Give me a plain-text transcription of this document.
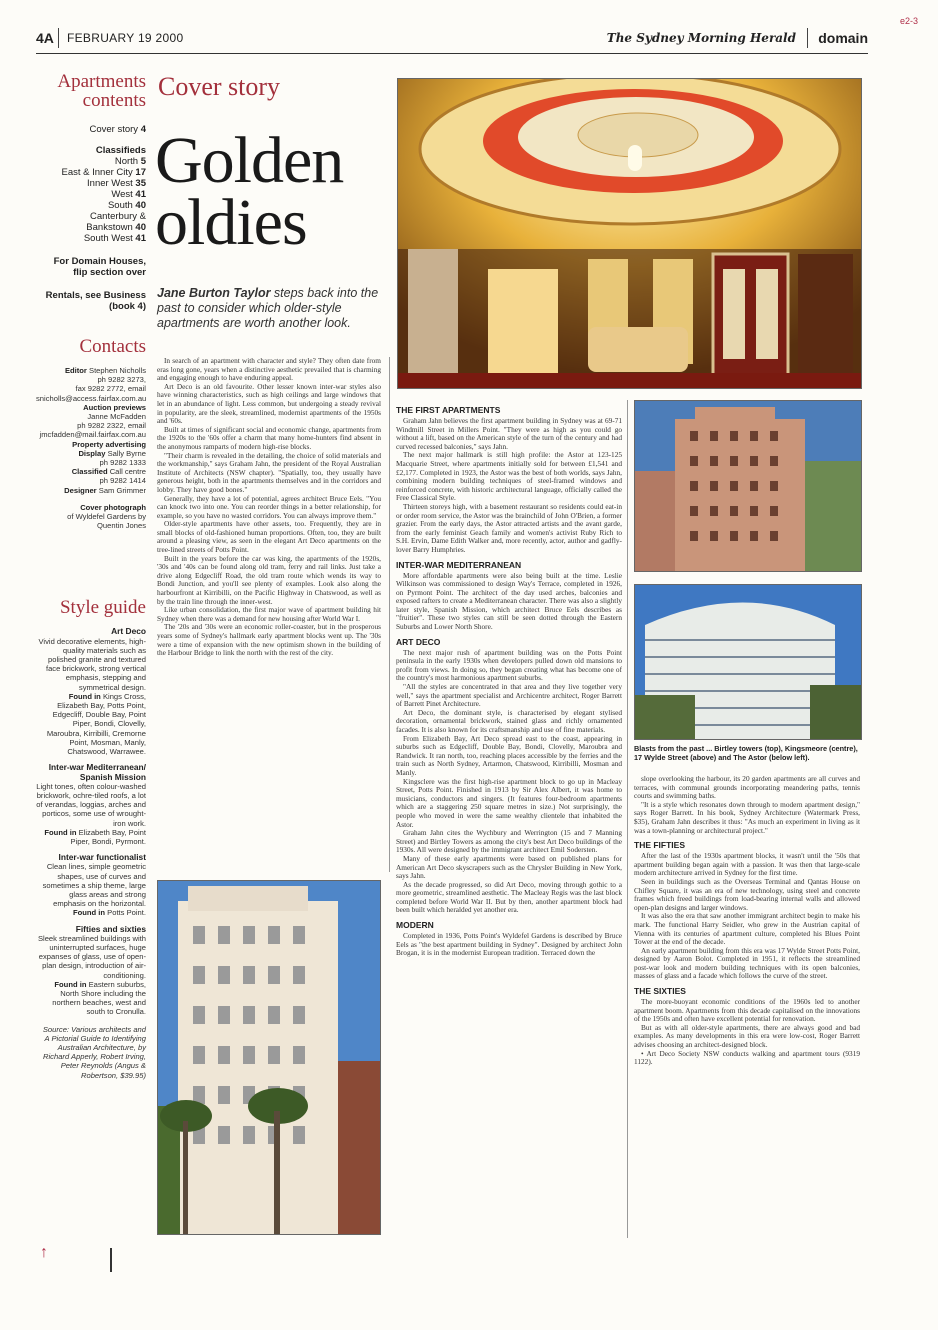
4A FEBRUARY 19 2000	The Sydney Morning Herald domain
e2-3
Apartments
contents
Cover story 4
Classifieds

North 5
East & Inner City 17
Inner West 35
West 41
South 40
Canterbury &
Bankstown 40
South West 41
For Domain Houses,
flip section over
Rentals, see Business
(book 4)
Contacts
Editor Stephen Nicholls
ph 9282 3273,
fax 9282 2772, email
snicholls@access.fairfax.com.au
Auction previews
Janne McFadden
ph 9282 2322, email
jmcfadden@mail.fairfax.com.au
Property advertising
Display Sally Byrne
ph 9282 1333
Classified Call centre
ph 9282 1414
Designer Sam Grimmer
Cover photograph
of Wyldefel Gardens by
Quentin Jones
Style guide
Art Deco
Vivid decorative elements, high-quality materials such as polished granite and textured face brickwork, strong vertical emphasis, stepping and symmetrical design.
Found in Kings Cross, Elizabeth Bay, Potts Point, Edgecliff, Double Bay, Point Piper, Bondi, Clovelly, Maroubra, Kirribilli, Cremorne Point, Mosman, Manly, Chatswood, Warrawee.
Inter-war Mediterranean/ Spanish Mission
Light tones, often colour-washed brickwork, ochre-tiled roofs, a lot of verandas, loggias, arches and porticos, some use of wrought-iron work.
Found in Elizabeth Bay, Point Piper, Bondi, Pyrmont.
Inter-war functionalist
Clean lines, simple geometric shapes, use of curves and sometimes a ship theme, large glass areas and strong emphasis on the horizontal.
Found in Potts Point.
Fifties and sixties
Sleek streamlined buildings with uninterrupted surfaces, huge expanses of glass, use of open-plan design, introduction of air-conditioning.
Found in Eastern suburbs, North Shore including the northern beaches, west and south to Cronulla.
Source: Various architects and A Pictorial Guide to Identifying Australian Architecture, by Richard Apperly, Robert Irving, Peter Reynolds (Angus & Robertson, $39.95)
Cover story
Golden
oldies
Jane Burton Taylor steps back into the past to consider which older-style apartments are worth another look.

In search of an apartment with character and style? They often date from eras long gone, years when a distinctive aesthetic prevailed that is charming and engaging enough to have enduring appeal.

Art Deco is an old favourite. Other lesser known inter-war styles also have winning characteristics, such as high ceilings and large windows that let in an abundance of light. Less common, but undergoing a steady revival in popularity, are the sleek, streamlined, modernist apartments of the 1950s and '60s.

Built at times of significant social and economic change, apartments from the 1920s to the '60s offer a charm that many home-hunters find absent in the anonymous ramparts of modern high-rise blocks.

"Their charm is revealed in the detailing, the choice of solid materials and the workmanship," says Graham Jahn, the president of the Royal Australian Institute of Architects (NSW chapter). "Spatially, too, they usually have generous height, both in the apartments themselves and in the corridors and lobby. They have good bones."

Generally, they have a lot of potential, agrees architect Bruce Eels. "You can knock two into one. You can reorder things in a better relationship, for example, so you have no wasted corridors. You can always improve them."

Older-style apartments have other assets, too. Frequently, they are in small blocks of old-fashioned human proportions. Often, too, they are built around a pleasing view, as seen in the elegant Art Deco apartments on the tree-lined streets of Potts Point.

Built in the years before the car was king, the apartments of the 1920s, '30s and '40s can be found along old tram, ferry and rail links. Just take a drive along Edgecliff Road, the old tram route which wends its way to Bondi Junction, and you'll see plenty of examples. Look also along the harbourfront at Kirribilli, on the Pacific Highway in Chatswood, as well as by the train line through the inner-west.

Like urban consolidation, the first major wave of apartment building hit Sydney when there was a demand for new housing after World War I.

The '20s and '30s were an economic roller-coaster, but in the prosperous years some of Sydney's hallmark early apartment blocks went up. The '30s were a time of expansion with the new optimism shown in the building of the Harbour Bridge to link the north with the rest of the city.

THE FIRST APARTMENTS

Graham Jahn believes the first apartment building in Sydney was at 69-71 Windmill Street in Millers Point. "They were as high as you could go without a lift, based on the American style of the turn of the century and had curved recessed balconies," says Jahn.

The next major hallmark is still high profile: the Astor at 123-125 Macquarie Street, where apartments initially sold for between £1,541 and £2,177. Completed in 1923, the Astor was the best of both worlds, says Jahn, combining modern building techniques of steel-framed windows and reinforced concrete, with historic architectural language, officially called the Free Classical Style.

Thirteen storeys high, with a basement restaurant so residents could eat-in or order room service, the Astor was the brainchild of John O'Brien, a former grazier. From the early days, the Astor attracted artists and the avant garde, from the early feminist Geach family and women's activist Ruby Rich to S.H. Ervin, Dame Edith Walker and, more recently, actor, author and gadfly-lover Barry Humphries.

INTER-WAR MEDITERRANEAN

More affordable apartments were also being built at the time. Leslie Wilkinson was commissioned to design Way's Terrace, completed in 1926, on Pyrmont Point. The architect of the day used arches, balconies and exposed rafters to create a Mediterranean character. There was also a slightly later style, Spanish Mission, which architect Bruce Eels describes as "fruitier". These two styles can still be seen dotted through the Eastern Suburbs and Lower North Shore.

ART DECO

The next major rush of apartment building was on the Potts Point peninsula in the early 1930s when developers pulled down old mansions to profit from views. In doing so, they began creating what has become one of the country's most harmonious apartment suburbs.

"All the styles are concentrated in that area and they live together very well," says the apartment specialist and Archicentre architect, Roger Barrett of Barrett Pinet Architecture.

Art Deco, the dominant style, is characterised by elegant stylised decoration, ornamental brickwork, stained glass and richly ornamented facades. It is also known for its craftsmanship and use of fine materials.

From Elizabeth Bay, Art Deco spread east to the coast, appearing in suburbs such as Edgecliff, Double Bay, Bondi, Clovelly, Maroubra and Randwick. It ran north, too, reaching places accessible by the ferries and the train such as North Sydney, Artarmon, Chatswood, Kirribilli, Mosman and Manly.

Kingsclere was the first high-rise apartment block to go up in Macleay Street, Potts Point. Finished in 1913 by Sir Alex Albert, it was home to musicians, conductors and singers. (It features four-bedroom apartments which are a staggering 250 square metres in size.) Not surprisingly, the people who moved in were the same wealthy clientele that inhabited the Astor.

Graham Jahn cites the Wychbury and Werrington (15 and 7 Manning Street) and Birtley Towers as among the city's best Art Deco buildings of the 1930s. All were designed by the immigrant architect Emil Sodersten.

Many of these early apartments were based on published plans for American Art Deco skyscrapers such as the Chrysler Building in New York, says Jahn.

As the decade progressed, so did Art Deco, moving through gothic to a more geometric, streamlined aesthetic. The Macleay Regis was the last block completed before World War II. But by then, another apartment block had been built which heralded yet another era.

MODERN

Completed in 1936, Potts Point's Wyldefel Gardens is described by Bruce Eels as "the best apartment building in Sydney". Designed by architect John Brogan, it is in the modernist European tradition. Terraced down the

slope overlooking the harbour, its 20 garden apartments are all curves and terraces, with communal grounds incorporating meandering paths, tennis courts and swimming baths.

"It is a style which resonates down through to modern apartment design," says Roger Barrett. In his book, Sydney Architecture (Watermark Press, $35), Graham Jahn describes it thus: "As much an experiment in living as it was a town-planning or architectural project."

THE FIFTIES

After the last of the 1930s apartment blocks, it wasn't until the '50s that apartment building began again with a passion. It was then that large-scale modern architecture arrived in Sydney for the first time.

Seen in buildings such as the Overseas Terminal and Qantas House on Chifley Square, it was an era of new technology, using steel and concrete frames which freed buildings from load-bearing internal walls and allowed open-plan designs and larger windows.

It was also the era that saw another immigrant architect begin to make his mark. The functional Harry Seidler, who grew in the Austrian capital of Vienna with its centuries of apartment culture, completed his Blues Point Tower at the end of the decade.

An early apartment building from this era was 17 Wylde Street Potts Point, designed by Aaron Bolot. Completed in 1951, it reflects the streamlined post-war look and modern building techniques with its open balconies, masses of glass and a facade which follows the curve of the street.

THE SIXTIES

The more-buoyant economic conditions of the 1960s led to another apartment boom. Apartments from this decade capitalised on the innovations of the 1950s and often have excellent potential for renovation.

But as with all older-style apartments, there are always good and bad examples. As many developments in this era were low-cost, Roger Barrett advises choosing an architect-designed block.

• Art Deco Society NSW conducts walking and apartment tours (9319 1122).

Blasts from the past ... Birtley towers (top), Kingsmeore (centre), 17 Wylde Street (above) and The Astor (below left).
↑
